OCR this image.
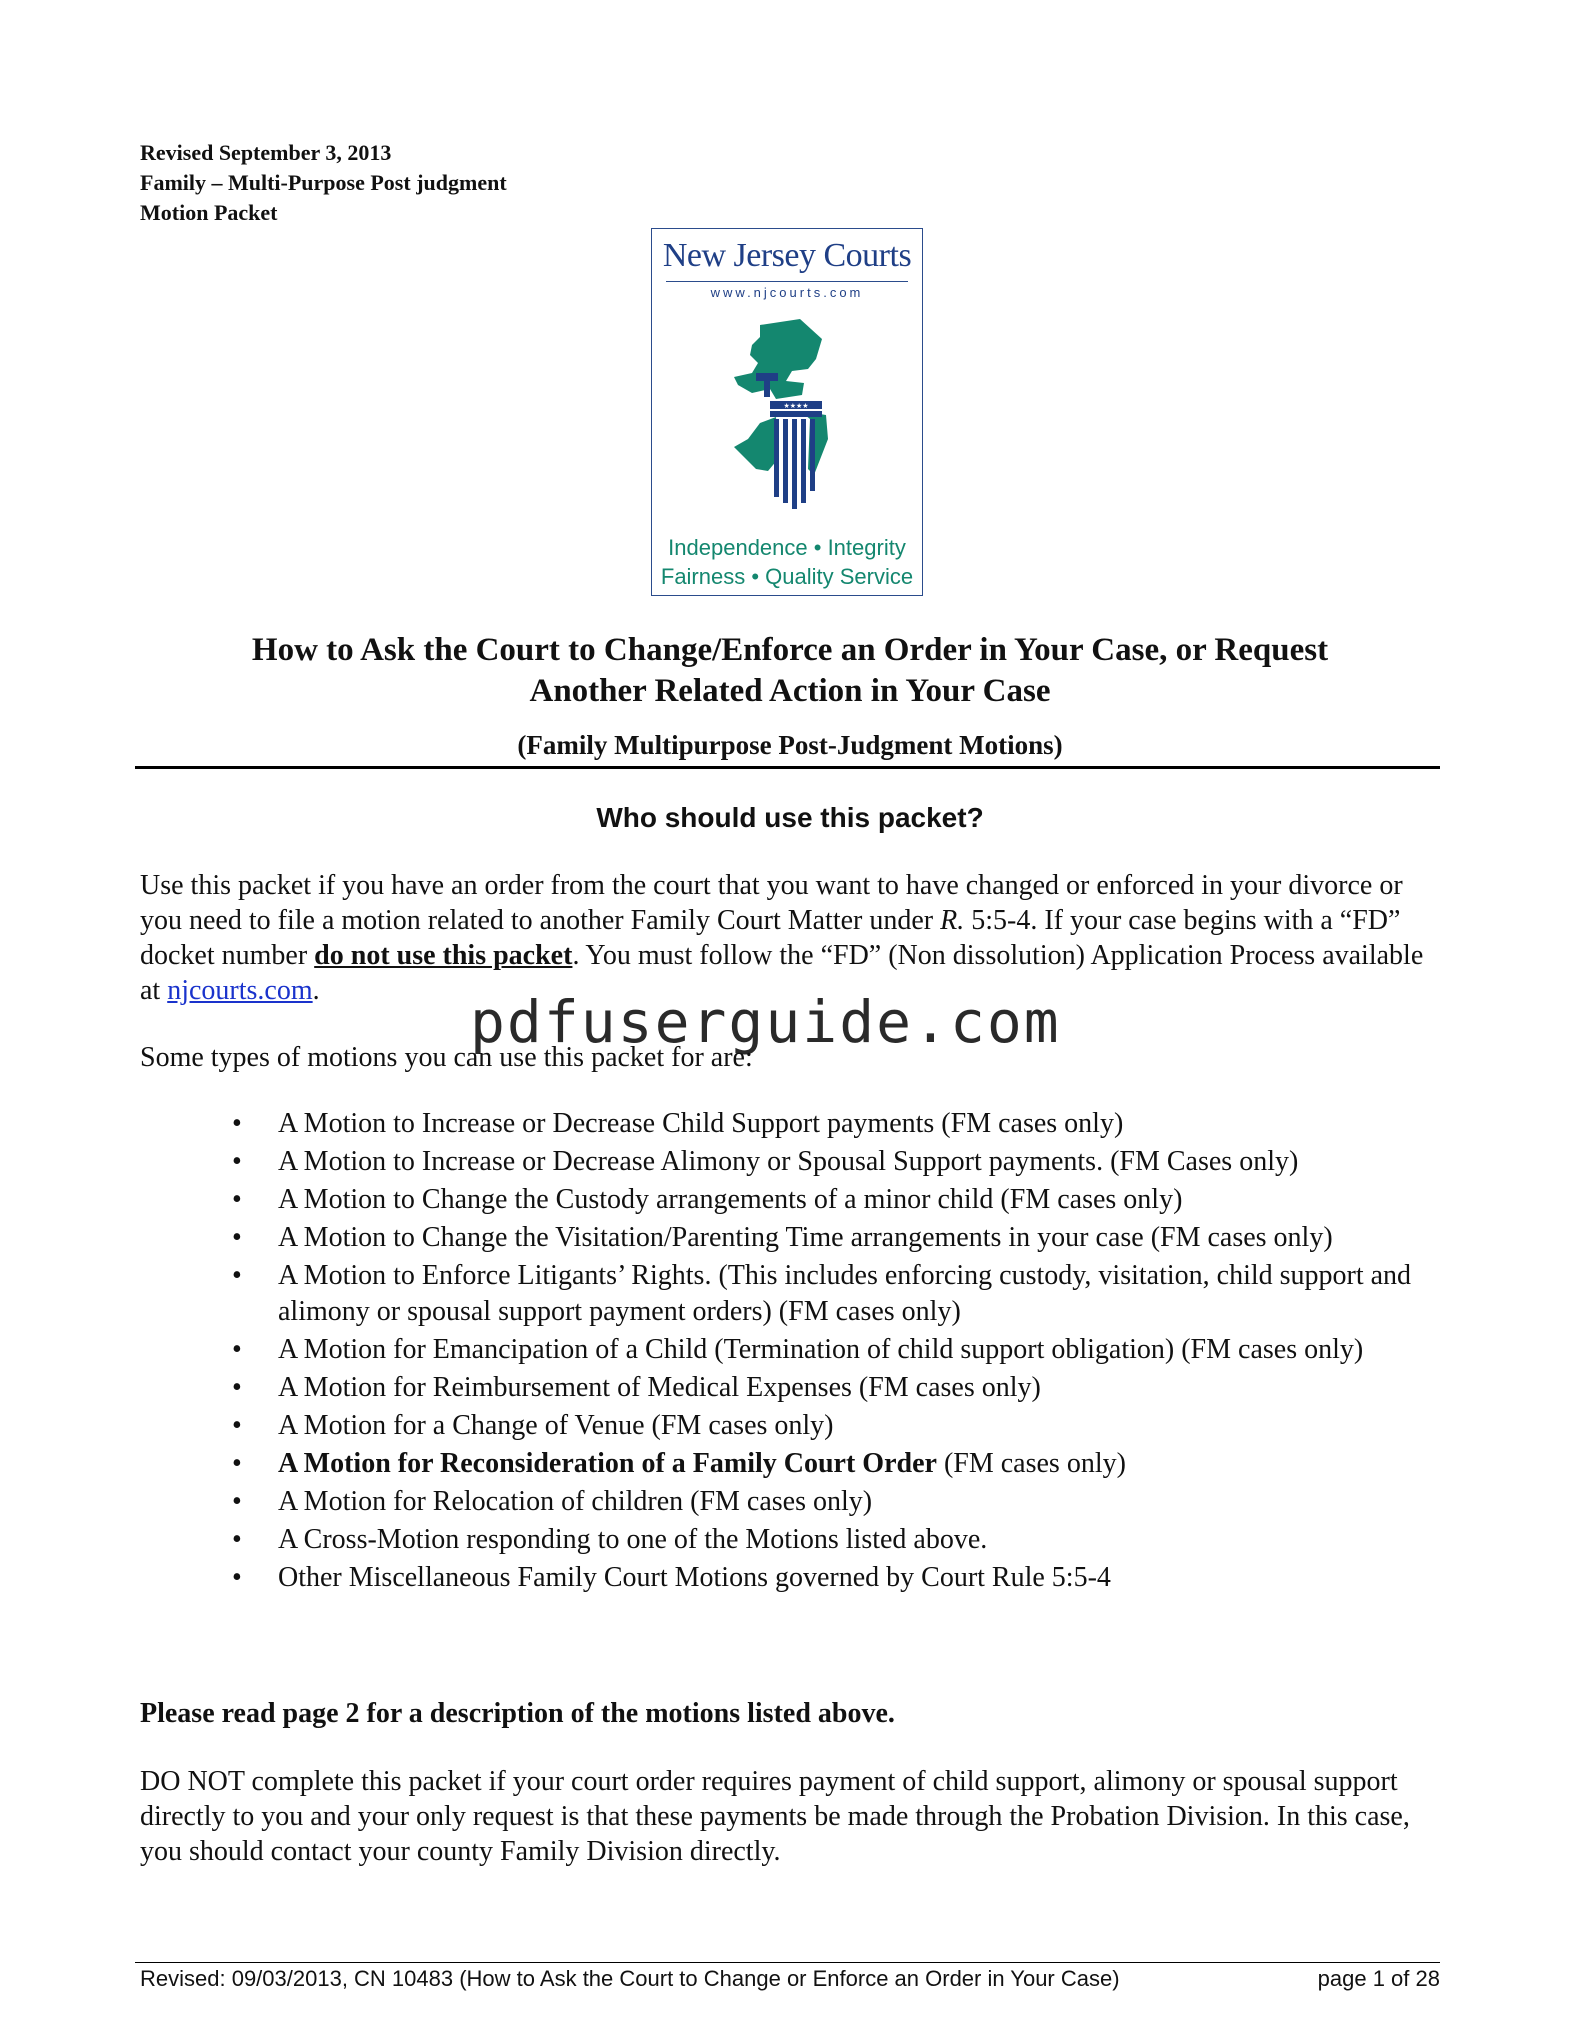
Revised September 3, 2013
Family – Multi-Purpose Post judgment
Motion Packet
New Jersey Courts
www.njcourts.com
★★★★
Independence • Integrity
Fairness • Quality Service
How to Ask the Court to Change/Enforce an Order in Your Case, or Request
Another Related Action in Your Case
(Family Multipurpose Post-Judgment Motions)
Who should use this packet?
Use this packet if you have an order from the court that you want to have changed or enforced in your divorce or you need to file a motion related to another Family Court Matter under R. 5:5-4. If your case begins with a “FD” docket number do not use this packet. You must follow the “FD” (Non dissolution) Application Process available at njcourts.com.	pdfuserguide.com
Some types of motions you can use this packet for are:
• A Motion to Increase or Decrease Child Support payments (FM cases only)
• A Motion to Increase or Decrease Alimony or Spousal Support payments. (FM Cases only)
• A Motion to Change the Custody arrangements of a minor child (FM cases only)
• A Motion to Change the Visitation/Parenting Time arrangements in your case (FM cases only)
• A Motion to Enforce Litigants’ Rights. (This includes enforcing custody, visitation, child support and alimony or spousal support payment orders) (FM cases only)
• A Motion for Emancipation of a Child (Termination of child support obligation) (FM cases only)
• A Motion for Reimbursement of Medical Expenses (FM cases only)
• A Motion for a Change of Venue (FM cases only)
• A Motion for Reconsideration of a Family Court Order (FM cases only)
• A Motion for Relocation of children (FM cases only)
• A Cross-Motion responding to one of the Motions listed above.
• Other Miscellaneous Family Court Motions governed by Court Rule 5:5-4
Please read page 2 for a description of the motions listed above.
DO NOT complete this packet if your court order requires payment of child support, alimony or spousal support directly to you and your only request is that these payments be made through the Probation Division. In this case, you should contact your county Family Division directly.
Revised: 09/03/2013, CN 10483 (How to Ask the Court to Change or Enforce an Order in Your Case)	page 1 of 28
